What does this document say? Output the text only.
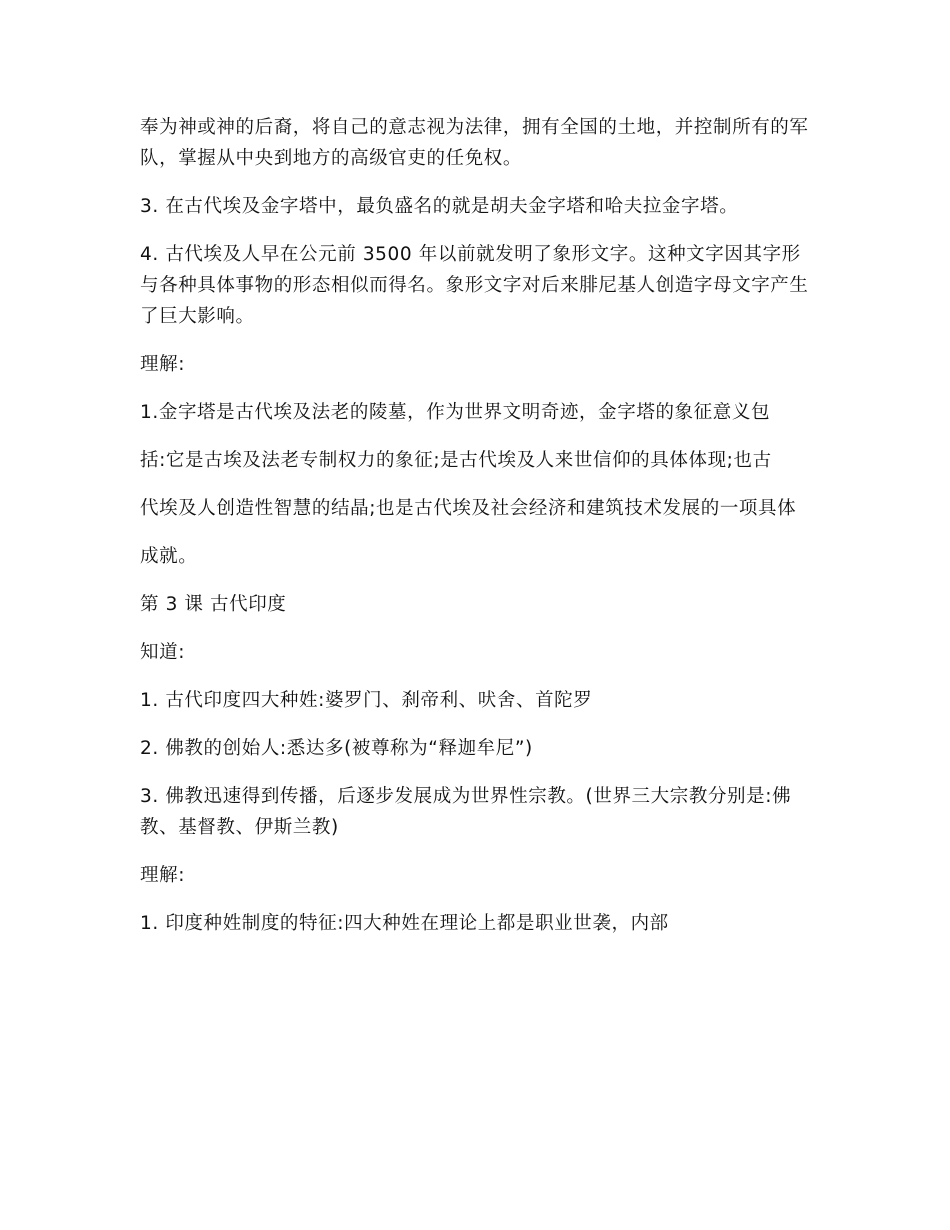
奉为神或神的后裔，将自己的意志视为法律，拥有全国的土地，并控制所有的军队，掌握从中央到地方的高级官吏的任免权。

3. 在古代埃及金字塔中，最负盛名的就是胡夫金字塔和哈夫拉金字塔。

4. 古代埃及人早在公元前 3500 年以前就发明了象形文字。这种文字因其字形与各种具体事物的形态相似而得名。象形文字对后来腓尼基人创造字母文字产生了巨大影响。

理解:

1.金字塔是古代埃及法老的陵墓，作为世界文明奇迹，金字塔的象征意义包

括:它是古埃及法老专制权力的象征;是古代埃及人来世信仰的具体体现;也古

代埃及人创造性智慧的结晶;也是古代埃及社会经济和建筑技术发展的一项具体

成就。

第 3 课 古代印度

知道:

1. 古代印度四大种姓:婆罗门、刹帝利、吠舍、首陀罗

2. 佛教的创始人:悉达多(被尊称为“释迦牟尼”)

3. 佛教迅速得到传播，后逐步发展成为世界性宗教。(世界三大宗教分别是:佛教、基督教、伊斯兰教)

理解:

1. 印度种姓制度的特征:四大种姓在理论上都是职业世袭，内部
